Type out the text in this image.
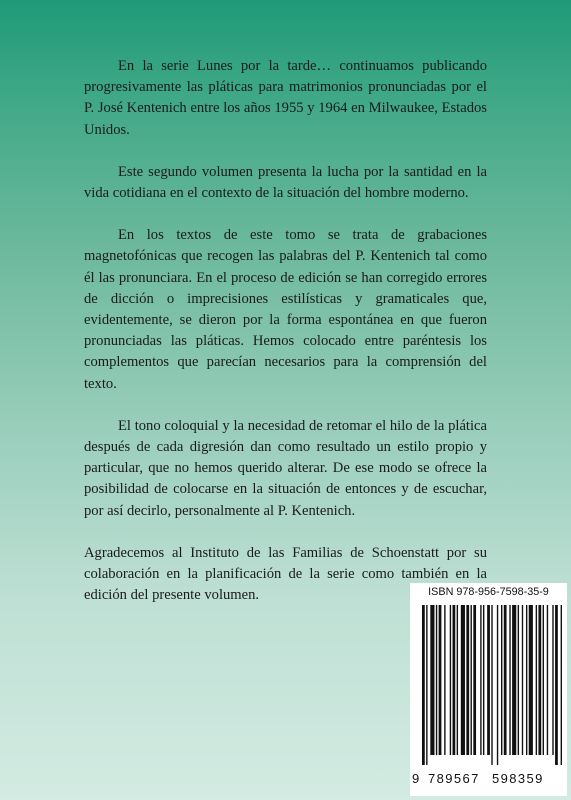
En la serie Lunes por la tarde… continuamos publicando progresivamente las pláticas para matrimonios pronunciadas por el P. José Kentenich entre los años 1955 y 1964 en Milwaukee, Estados Unidos.

Este segundo volumen presenta la lucha por la santidad en la vida cotidiana en el contexto de la situación del hombre moderno.

En los textos de este tomo se trata de grabaciones magnetofónicas que recogen las palabras del P. Kentenich tal como él las pronunciara. En el proceso de edición se han corregido errores de dicción o imprecisiones estilísticas y gramaticales que, evidentemente, se dieron por la forma espontánea en que fueron pronunciadas las pláticas. Hemos colocado entre paréntesis los complementos que parecían necesarios para la comprensión del texto.

El tono coloquial y la necesidad de retomar el hilo de la plática después de cada digresión dan como resultado un estilo propio y particular, que no hemos querido alterar. De ese modo se ofrece la posibilidad de colocarse en la situación de entonces y de escuchar, por así decirlo, personalmente al P. Kentenich.

Agradecemos al Instituto de las Familias de Schoenstatt por su colaboración en la planificación de la serie como también en la edición del presente volumen.	ISBN 978-956-7598-35-9
9 789567 598359
